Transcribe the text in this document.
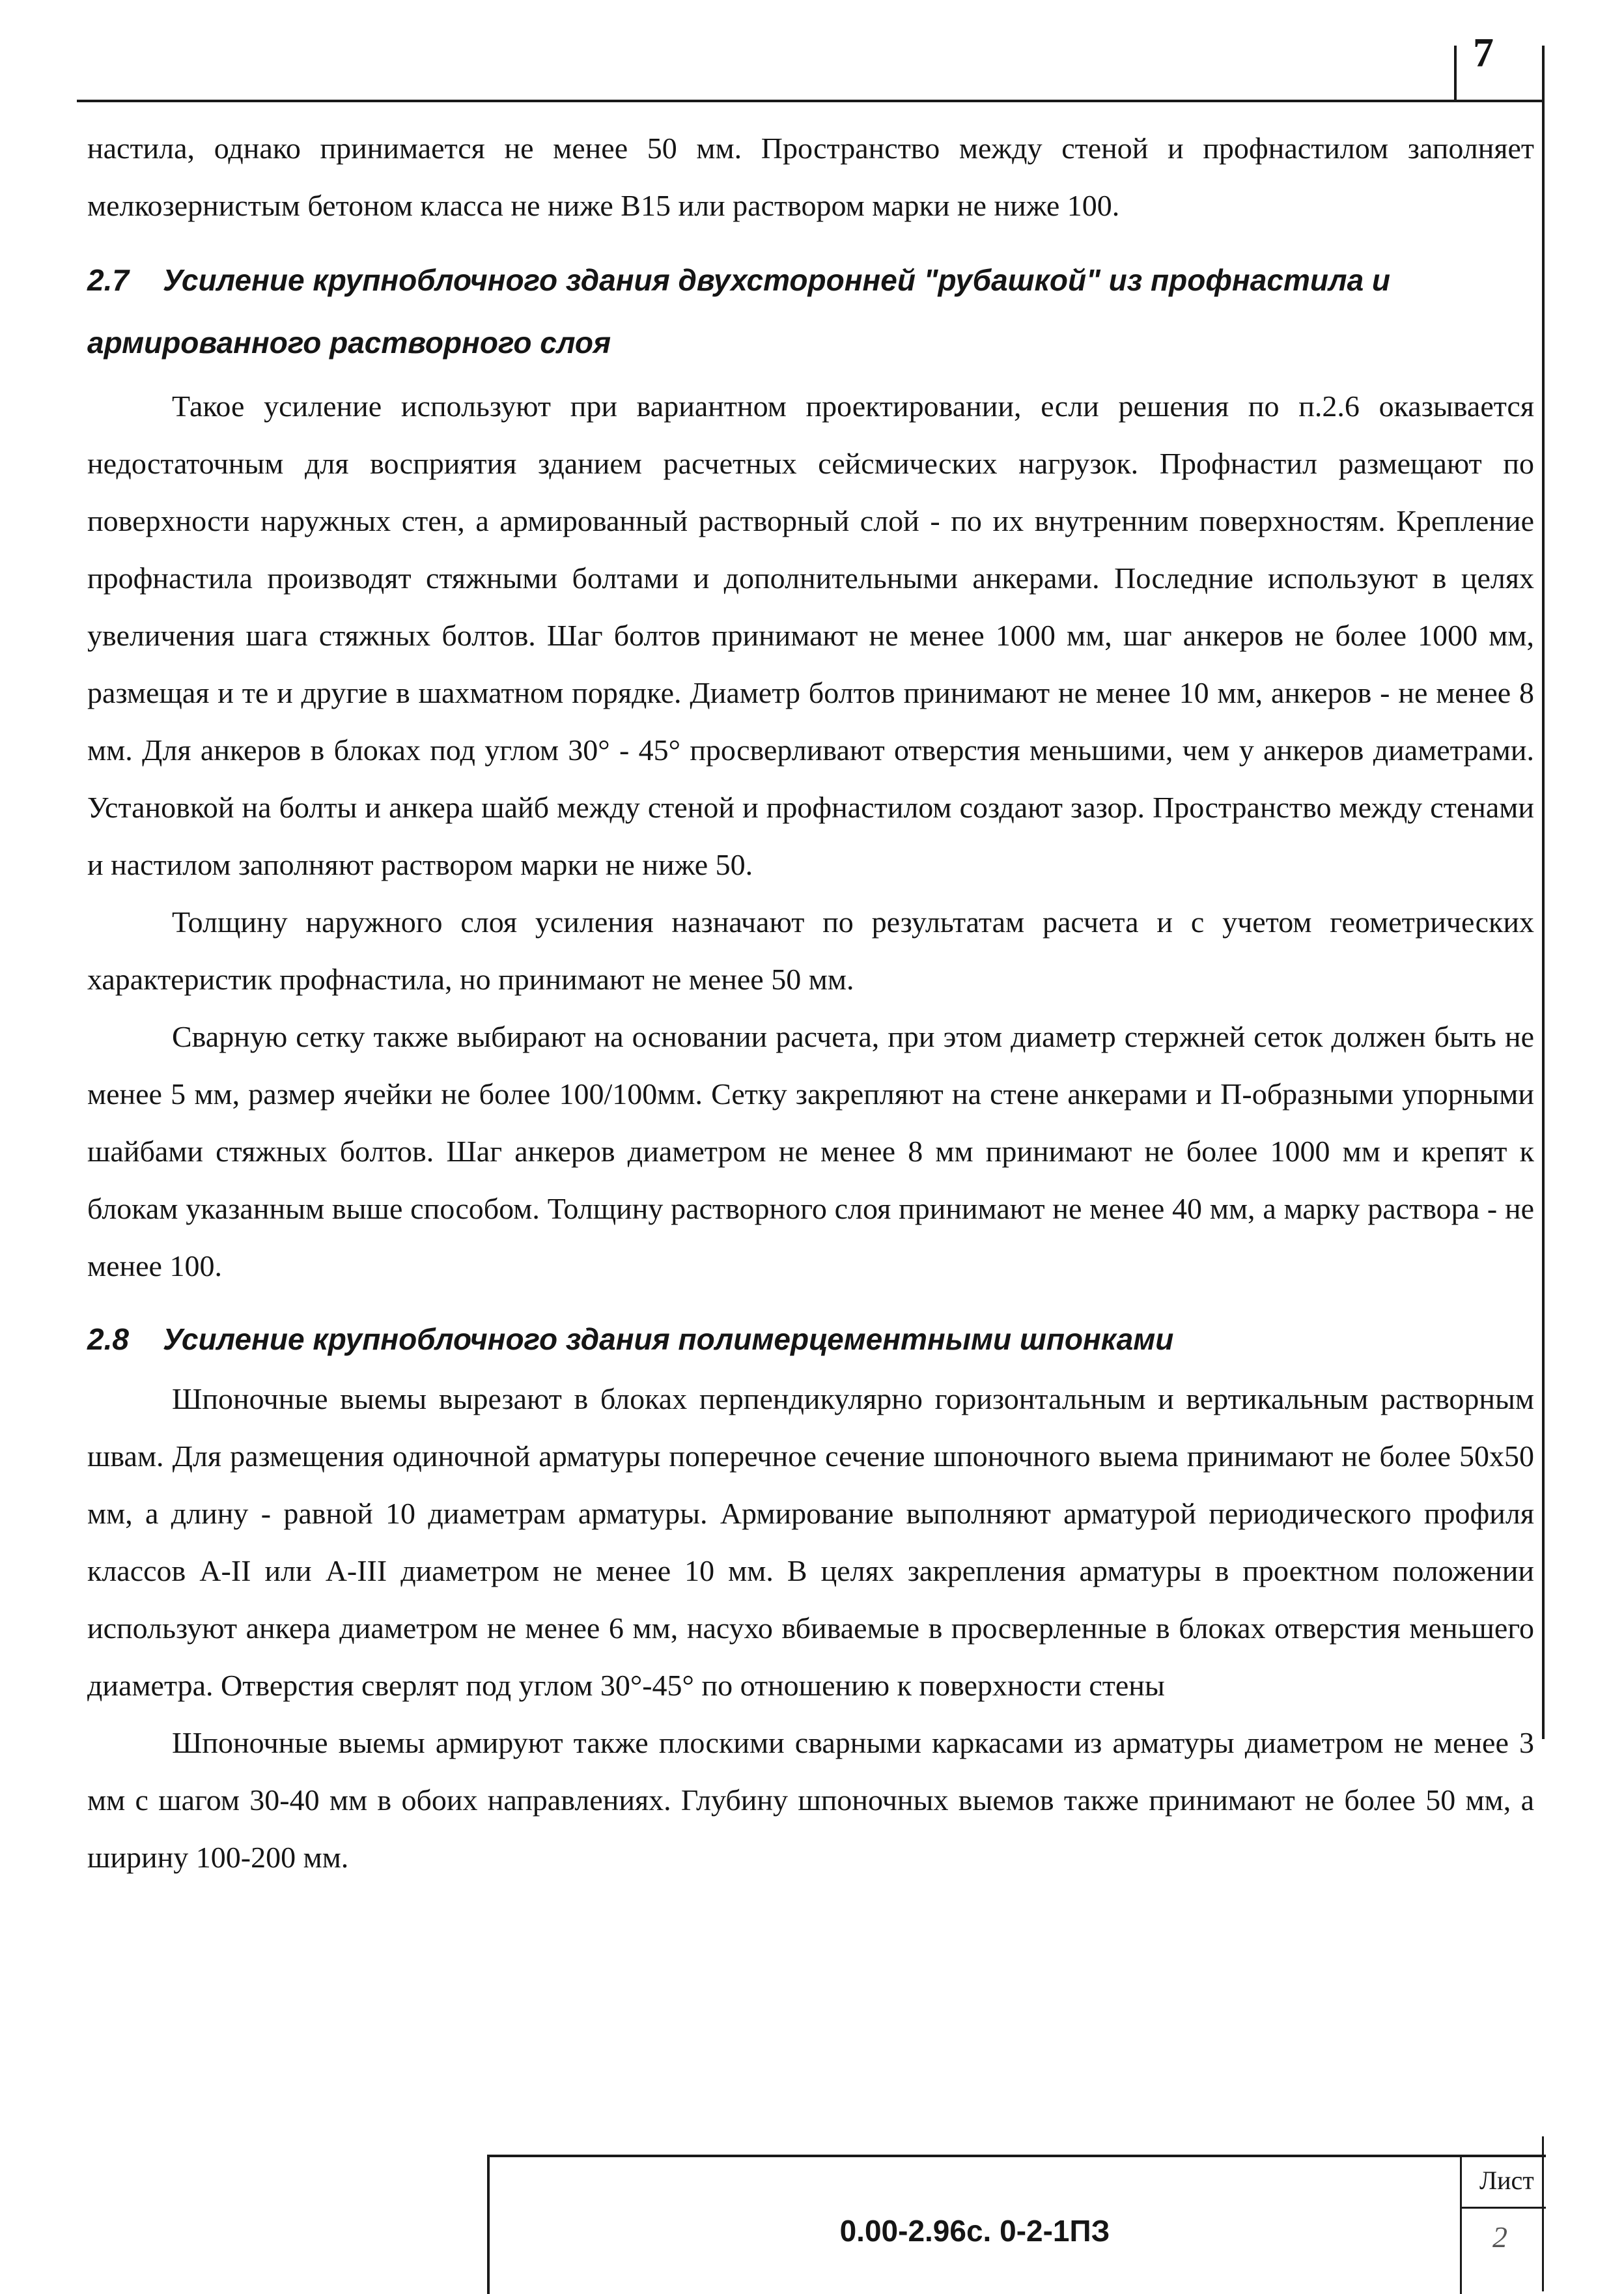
7

настила, однако принимается не менее 50 мм. Пространство между стеной и профнастилом заполняет мелкозернистым бетоном класса не ниже B15 или раствором марки не ниже 100.

2.7 Усиление крупноблочного здания двухсторонней "рубашкой" из профнастила и армированного растворного слоя

Такое усиление используют при вариантном проектировании, если решения по п.2.6 оказывается недостаточным для восприятия зданием расчетных сейсмических нагрузок. Профнастил размещают по поверхности наружных стен, а армированный растворный слой - по их внутренним поверхностям. Крепление профнастила производят стяжными болтами и дополнительными анкерами. Последние используют в целях увеличения шага стяжных болтов. Шаг болтов принимают не менее 1000 мм, шаг анкеров не более 1000 мм, размещая и те и другие в шахматном порядке. Диаметр болтов принимают не менее 10 мм, анкеров - не менее 8 мм. Для анкеров в блоках под углом 30° - 45° просверливают отверстия меньшими, чем у анкеров диаметрами. Установкой на болты и анкера шайб между стеной и профнастилом создают зазор. Пространство между стенами и настилом заполняют раствором марки не ниже 50.

Толщину наружного слоя усиления назначают по результатам расчета и с учетом геометрических характеристик профнастила, но принимают не менее 50 мм.

Сварную сетку также выбирают на основании расчета, при этом диаметр стержней сеток должен быть не менее 5 мм, размер ячейки не более 100/100мм. Сетку закрепляют на стене анкерами и П-образными упорными шайбами стяжных болтов. Шаг анкеров диаметром не менее 8 мм принимают не более 1000 мм и крепят к блокам указанным выше способом. Толщину растворного слоя принимают не менее 40 мм, а марку раствора - не менее 100.

2.8 Усиление крупноблочного здания полимерцементными шпонками

Шпоночные выемы вырезают в блоках перпендикулярно горизонтальным и вертикальным растворным швам. Для размещения одиночной арматуры поперечное сечение шпоночного выема принимают не более 50x50 мм, а длину - равной 10 диаметрам арматуры. Армирование выполняют арматурой периодического профиля классов А-II или А-III диаметром не менее 10 мм. В целях закрепления арматуры в проектном положении используют анкера диаметром не менее 6 мм, насухо вбиваемые в просверленные в блоках отверстия меньшего диаметра. Отверстия сверлят под углом 30°-45° по отношению к поверхности стены

Шпоночные выемы армируют также плоскими сварными каркасами из арматуры диаметром не менее 3 мм с шагом 30-40 мм в обоих направлениях. Глубину шпоночных выемов также принимают не более 50 мм, а ширину 100-200 мм.

0.00-2.96с. 0-2-1ПЗ
Лист
2
